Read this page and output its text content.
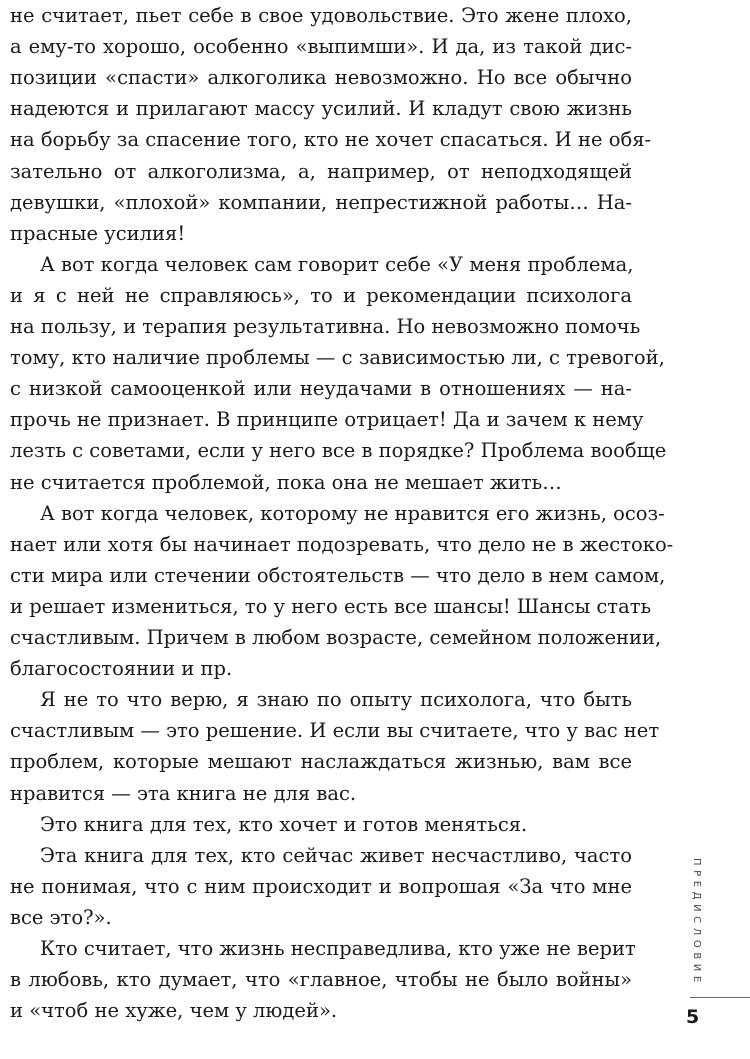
не считает, пьет себе в свое удовольствие. Это жене плохо,
а ему-то хорошо, особенно «выпимши». И да, из такой дис-
позиции «спасти» алкоголика невозможно. Но все обычно
надеются и прилагают массу усилий. И кладут свою жизнь
на борьбу за спасение того, кто не хочет спасаться. И не обя-
зательно от алкоголизма, а, например, от неподходящей
девушки, «плохой» компании, непрестижной работы… На-
прасные усилия!
А вот когда человек сам говорит себе «У меня проблема,
и я с ней не справляюсь», то и рекомендации психолога
на пользу, и терапия результативна. Но невозможно помочь
тому, кто наличие проблемы — с зависимостью ли, с тревогой,
с низкой самооценкой или неудачами в отношениях — на-
прочь не признает. В принципе отрицает! Да и зачем к нему
лезть с советами, если у него все в порядке? Проблема вообще
не считается проблемой, пока она не мешает жить…
А вот когда человек, которому не нравится его жизнь, осоз-
нает или хотя бы начинает подозревать, что дело не в жестоко-
сти мира или стечении обстоятельств — что дело в нем самом,
и решает измениться, то у него есть все шансы! Шансы стать
счастливым. Причем в любом возрасте, семейном положении,
благосостоянии и пр.
Я не то что верю, я знаю по опыту психолога, что быть
счастливым — это решение. И если вы считаете, что у вас нет
проблем, которые мешают наслаждаться жизнью, вам все
нравится — эта книга не для вас.
Это книга для тех, кто хочет и готов меняться.
Эта книга для тех, кто сейчас живет несчастливо, часто
не понимая, что с ним происходит и вопрошая «За что мне
все это?».
Кто считает, что жизнь несправедлива, кто уже не верит
в любовь, кто думает, что «главное, чтобы не было войны»
и «чтоб не хуже, чем у людей».
ПРЕДИСЛОВИЕ
5
